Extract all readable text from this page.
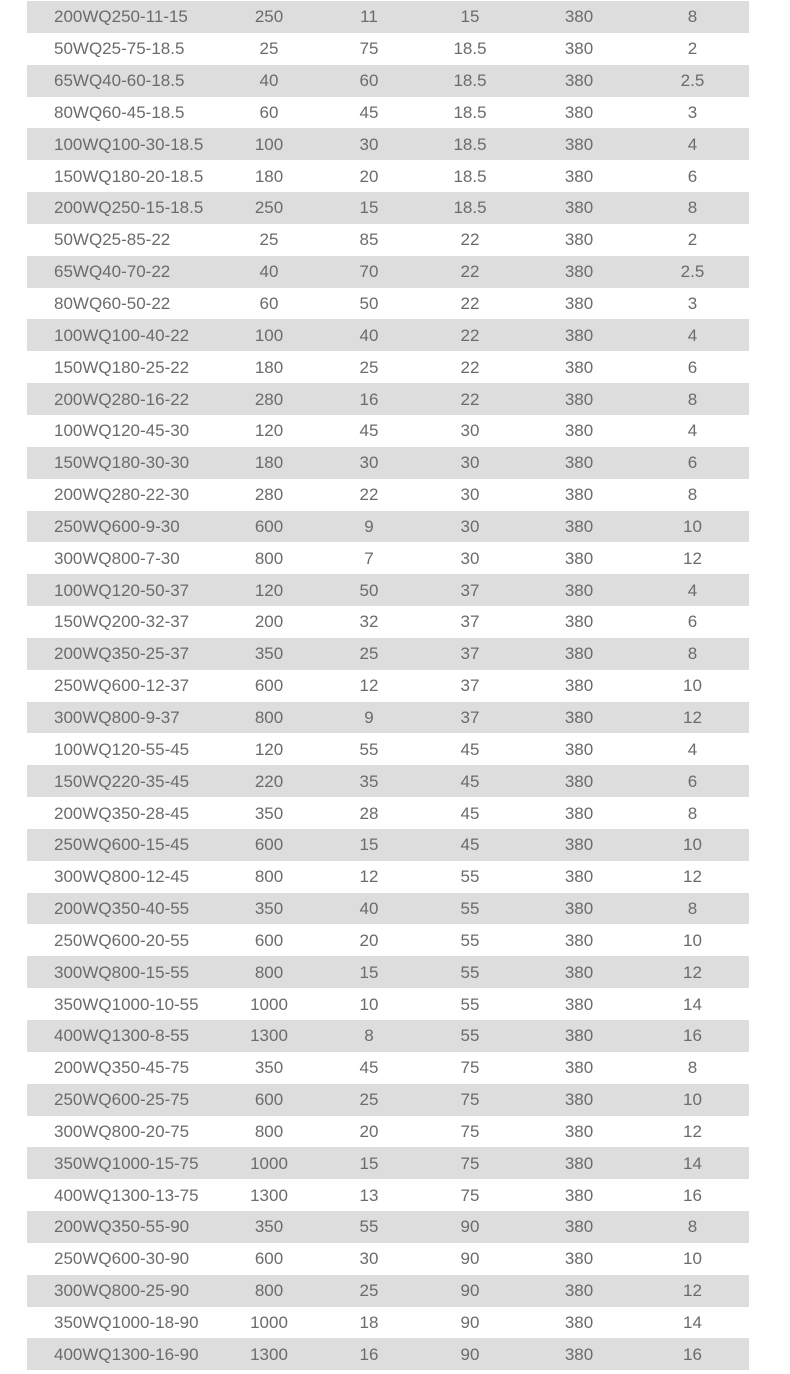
200WQ250-11-15	250	11	15	380	8
50WQ25-75-18.5	25	75	18.5	380	2
65WQ40-60-18.5	40	60	18.5	380	2.5
80WQ60-45-18.5	60	45	18.5	380	3
100WQ100-30-18.5	100	30	18.5	380	4
150WQ180-20-18.5	180	20	18.5	380	6
200WQ250-15-18.5	250	15	18.5	380	8
50WQ25-85-22	25	85	22	380	2
65WQ40-70-22	40	70	22	380	2.5
80WQ60-50-22	60	50	22	380	3
100WQ100-40-22	100	40	22	380	4
150WQ180-25-22	180	25	22	380	6
200WQ280-16-22	280	16	22	380	8
100WQ120-45-30	120	45	30	380	4
150WQ180-30-30	180	30	30	380	6
200WQ280-22-30	280	22	30	380	8
250WQ600-9-30	600	9	30	380	10
300WQ800-7-30	800	7	30	380	12
100WQ120-50-37	120	50	37	380	4
150WQ200-32-37	200	32	37	380	6
200WQ350-25-37	350	25	37	380	8
250WQ600-12-37	600	12	37	380	10
300WQ800-9-37	800	9	37	380	12
100WQ120-55-45	120	55	45	380	4
150WQ220-35-45	220	35	45	380	6
200WQ350-28-45	350	28	45	380	8
250WQ600-15-45	600	15	45	380	10
300WQ800-12-45	800	12	55	380	12
200WQ350-40-55	350	40	55	380	8
250WQ600-20-55	600	20	55	380	10
300WQ800-15-55	800	15	55	380	12
350WQ1000-10-55	1000	10	55	380	14
400WQ1300-8-55	1300	8	55	380	16
200WQ350-45-75	350	45	75	380	8
250WQ600-25-75	600	25	75	380	10
300WQ800-20-75	800	20	75	380	12
350WQ1000-15-75	1000	15	75	380	14
400WQ1300-13-75	1300	13	75	380	16
200WQ350-55-90	350	55	90	380	8
250WQ600-30-90	600	30	90	380	10
300WQ800-25-90	800	25	90	380	12
350WQ1000-18-90	1000	18	90	380	14
400WQ1300-16-90	1300	16	90	380	16
